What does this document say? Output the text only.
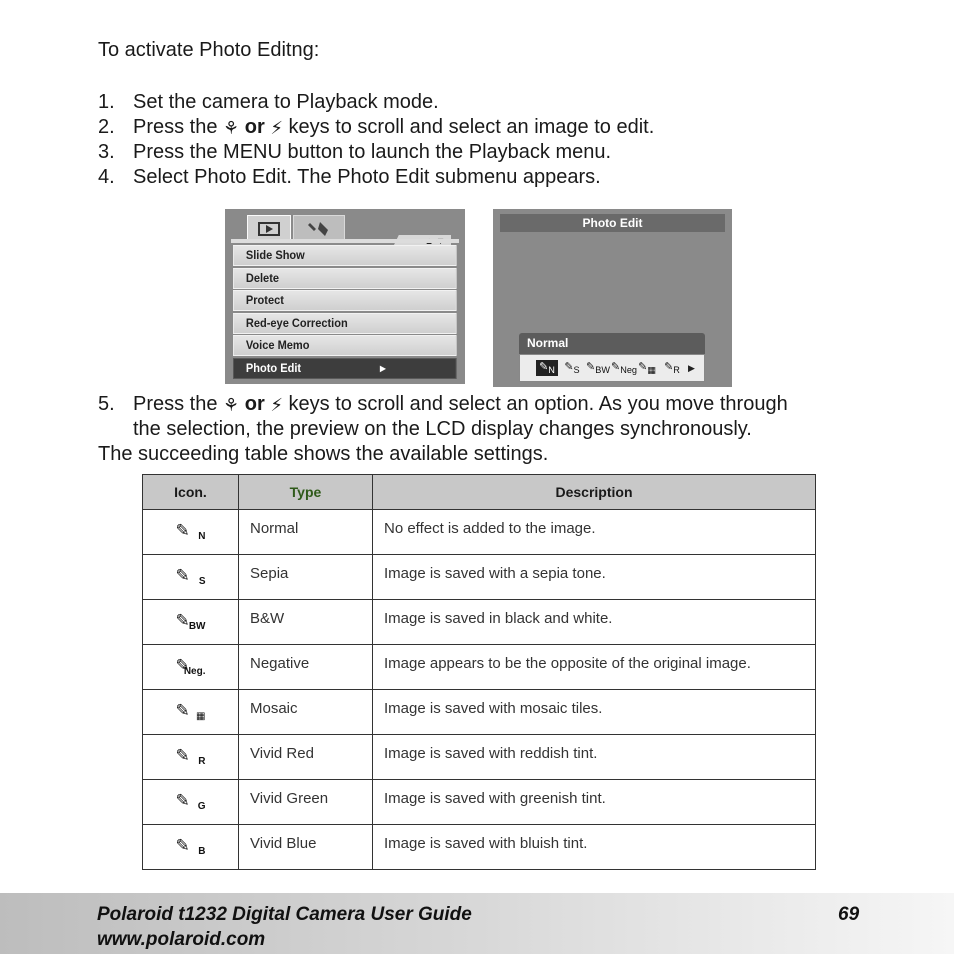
To activate Photo Editng:
1. Set the camera to Playback mode.
2. Press the ⚘ or ⚡ keys to scroll and select an image to edit.
3. Press the MENU button to launch the Playback menu.
4. Select Photo Edit. The Photo Edit submenu appears.
Slide Show
Delete
Protect
Red-eye Correction
Voice Memo
Photo Edit ▶
Photo Edit
Normal
$✎_N$ $✎_S$ $✎_{BW}$ $✎_{Neg}$ $✎_▦$ $✎_R$ ▶
5. Press the ⚘ or ⚡ keys to scroll and select an option. As you move through
the selection, the preview on the LCD display changes synchronously.
The succeeding table shows the available settings.
Icon.	Type	Description

✎ N	Normal	No effect is added to the image.

✎ S	Sepia	Image is saved with a sepia tone.

✎ BW	B&W	Image is saved in black and white.

✎
Neg.	Negative	Image appears to be the opposite of the original image.

✎ ▦	Mosaic	Image is saved with mosaic tiles.

✎ R	Vivid Red	Image is saved with reddish tint.

✎ G	Vivid Green	Image is saved with greenish tint.

✎ B	Vivid Blue	Image is saved with bluish tint.
Polaroid t1232 Digital Camera User Guide
www.polaroid.com
69
